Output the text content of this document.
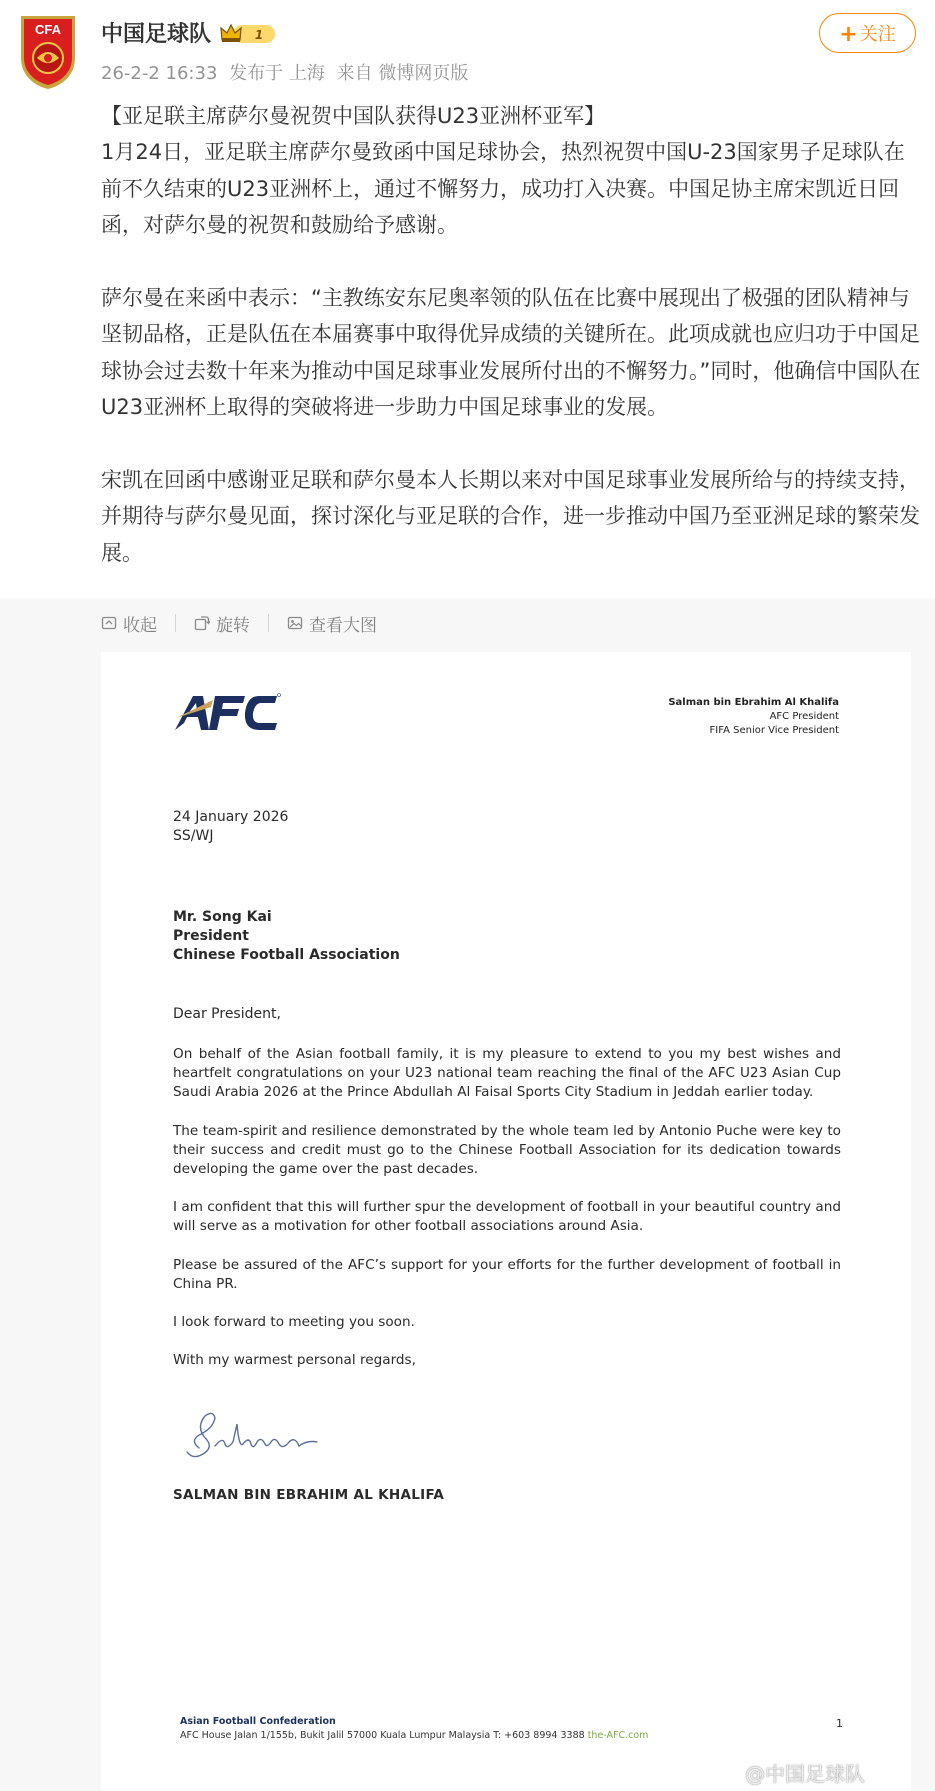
CFA 中国足球队	1
26-2-2 16:33 发布于 上海 来自 微博网页版
+ 关注

【亚足联主席萨尔曼祝贺中国队获得U23亚洲杯亚军】

1月24日，亚足联主席萨尔曼致函中国足球协会，热烈祝贺中国U-23国家男子足球队在前不久结束的U23亚洲杯上，通过不懈努力，成功打入决赛。中国足协主席宋凯近日回函，对萨尔曼的祝贺和鼓励给予感谢。

萨尔曼在来函中表示：“主教练安东尼奥率领的队伍在比赛中展现出了极强的团队精神与坚韧品格，正是队伍在本届赛事中取得优异成绩的关键所在。此项成就也应归功于中国足球协会过去数十年来为推动中国足球事业发展所付出的不懈努力。”同时，他确信中国队在U23亚洲杯上取得的突破将进一步助力中国足球事业的发展。

宋凯在回函中感谢亚足联和萨尔曼本人长期以来对中国足球事业发展所给与的持续支持，并期待与萨尔曼见面，探讨深化与亚足联的合作，进一步推动中国乃至亚洲足球的繁荣发展。

收起	旋转	查看大图
Salman bin Ebrahim Al Khalifa
AFC President
FIFA Senior Vice President
24 January 2026
SS/WJ
Mr. Song Kai
President
Chinese Football Association
Dear President,

On behalf of the Asian football family, it is my pleasure to extend to you my best wishes and heartfelt congratulations on your U23 national team reaching the final of the AFC U23 Asian Cup Saudi Arabia 2026 at the Prince Abdullah Al Faisal Sports City Stadium in Jeddah earlier today.

The team-spirit and resilience demonstrated by the whole team led by Antonio Puche were key to their success and credit must go to the Chinese Football Association for its dedication towards developing the game over the past decades.

I am confident that this will further spur the development of football in your beautiful country and will serve as a motivation for other football associations around Asia.

Please be assured of the AFC’s support for your efforts for the further development of football in China PR.

I look forward to meeting you soon.

With my warmest personal regards,

SALMAN BIN EBRAHIM AL KHALIFA
Asian Football Confederation
AFC House Jalan 1/155b, Bukit Jalil 57000 Kuala Lumpur Malaysia T: +603 8994 3388 the-AFC.com
1
@中国足球队
